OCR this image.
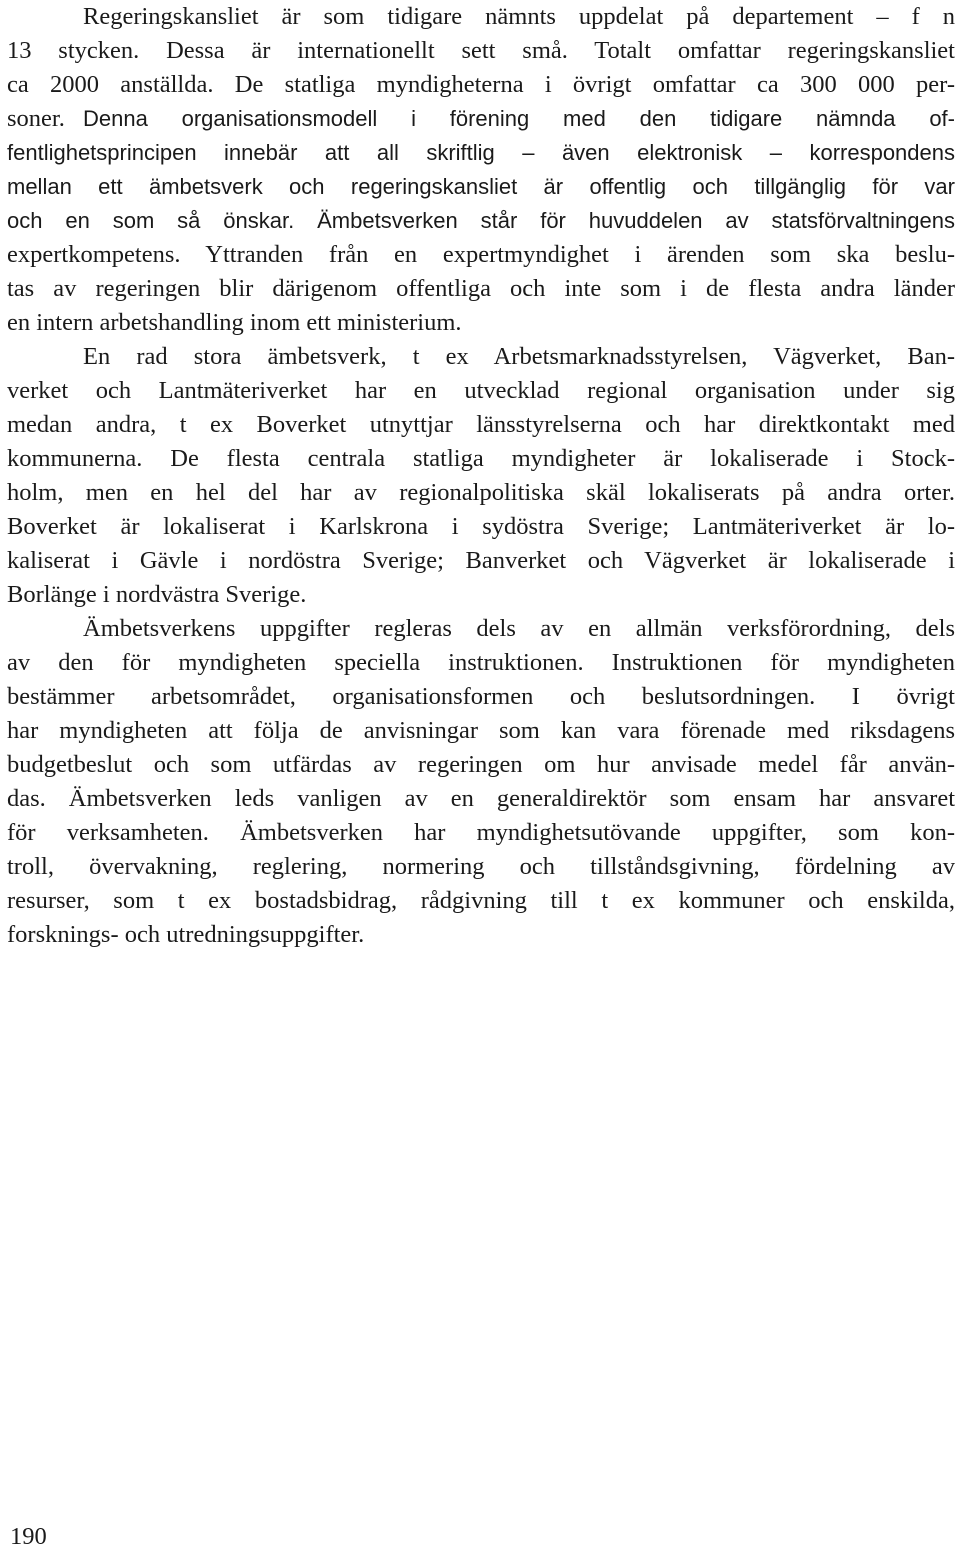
Regeringskansliet är som tidigare nämnts uppdelat på departement – f n
13 stycken. Dessa är internationellt sett små. Totalt omfattar regeringskansliet
ca 2000 anställda. De statliga myndigheterna i övrigt omfattar ca 300 000 per-
soner. Denna organisationsmodell i förening med den tidigare nämnda of-
fentlighetsprincipen innebär att all skriftlig – även elektronisk – korrespondens
mellan ett ämbetsverk och regeringskansliet är offentlig och tillgänglig för var
och en som så önskar. Ämbetsverken står för huvuddelen av statsförvaltningens
expertkompetens. Yttranden från en expertmyndighet i ärenden som ska beslu-
tas av regeringen blir därigenom offentliga och inte som i de flesta andra länder
en intern arbetshandling inom ett ministerium.
En rad stora ämbetsverk, t ex Arbetsmarknadsstyrelsen, Vägverket, Ban-
verket och Lantmäteriverket har en utvecklad regional organisation under sig
medan andra, t ex Boverket utnyttjar länsstyrelserna och har direktkontakt med
kommunerna. De flesta centrala statliga myndigheter är lokaliserade i Stock-
holm, men en hel del har av regionalpolitiska skäl lokaliserats på andra orter.
Boverket är lokaliserat i Karlskrona i sydöstra Sverige; Lantmäteriverket är lo-
kaliserat i Gävle i nordöstra Sverige; Banverket och Vägverket är lokaliserade i
Borlänge i nordvästra Sverige.
Ämbetsverkens uppgifter regleras dels av en allmän verksförordning, dels
av den för myndigheten speciella instruktionen. Instruktionen för myndigheten
bestämmer arbetsområdet, organisationsformen och beslutsordningen. I övrigt
har myndigheten att följa de anvisningar som kan vara förenade med riksdagens
budgetbeslut och som utfärdas av regeringen om hur anvisade medel får använ-
das. Ämbetsverken leds vanligen av en generaldirektör som ensam har ansvaret
för verksamheten. Ämbetsverken har myndighetsutövande uppgifter, som kon-
troll, övervakning, reglering, normering och tillståndsgivning, fördelning av
resurser, som t ex bostadsbidrag, rådgivning till t ex kommuner och enskilda,
forsknings- och utredningsuppgifter.
190
